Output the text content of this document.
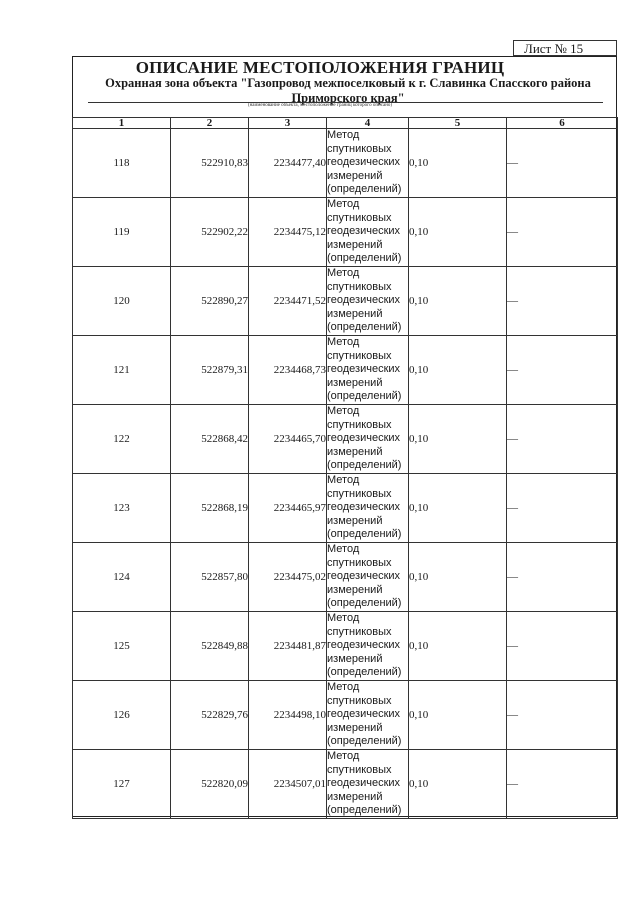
Лист № 15
ОПИСАНИЕ МЕСТОПОЛОЖЕНИЯ ГРАНИЦ
Охранная зона объекта "Газопровод межпоселковый к г. Славинка Спасского района Приморского края"
(наименование объекта, местоположение границ которого описано)
1	2	3	4	5	6
118	522910,83	2234477,40	Метод спутниковых геодезических измерений (определений)	0,10	—
119	522902,22	2234475,12	Метод спутниковых геодезических измерений (определений)	0,10	—
120	522890,27	2234471,52	Метод спутниковых геодезических измерений (определений)	0,10	—
121	522879,31	2234468,73	Метод спутниковых геодезических измерений (определений)	0,10	—
122	522868,42	2234465,70	Метод спутниковых геодезических измерений (определений)	0,10	—
123	522868,19	2234465,97	Метод спутниковых геодезических измерений (определений)	0,10	—
124	522857,80	2234475,02	Метод спутниковых геодезических измерений (определений)	0,10	—
125	522849,88	2234481,87	Метод спутниковых геодезических измерений (определений)	0,10	—
126	522829,76	2234498,10	Метод спутниковых геодезических измерений (определений)	0,10	—
127	522820,09	2234507,01	Метод спутниковых геодезических измерений (определений)	0,10	—
